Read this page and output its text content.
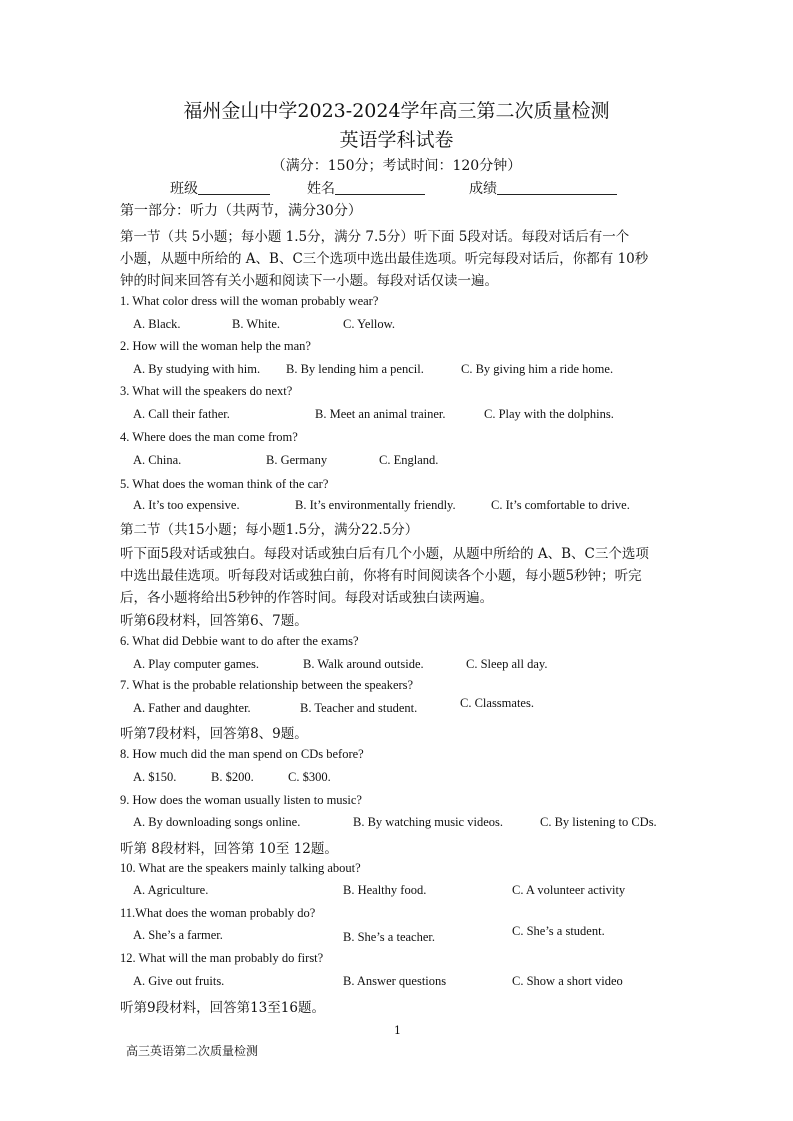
福州金山中学2023-2024学年高三第二次质量检测
英语学科试卷
（满分：150分；考试时间：120分钟）
班级	姓名	成绩
第一部分：听力（共两节，满分30分）
第一节（共 5小题；每小题 1.5分，满分 7.5分）听下面 5段对话。每段对话后有一个
小题，从题中所给的 A、B、C三个选项中选出最佳选项。听完每段对话后，你都有 10秒
钟的时间来回答有关小题和阅读下一小题。每段对话仅读一遍。
1. What color dress will the woman probably wear?
A. Black.	B. White.	C. Yellow.
2. How will the woman help the man?
A. By studying with him. B. By lending him a pencil.	C. By giving him a ride home.
3. What will the speakers do next?
A. Call their father.	B. Meet an animal trainer.	C. Play with the dolphins.
4. Where does the man come from?
A. China.	B. Germany	C. England.
5. What does the woman think of the car?
A. It’s too expensive.	B. It’s environmentally friendly.	C. It’s comfortable to drive.
第二节（共15小题；每小题1.5分，满分22.5分）
听下面5段对话或独白。每段对话或独白后有几个小题，从题中所给的 A、B、C三个选项
中选出最佳选项。听每段对话或独白前，你将有时间阅读各个小题，每小题5秒钟；听完
后，各小题将给出5秒钟的作答时间。每段对话或独白读两遍。
听第6段材料，回答第6、7题。
6. What did Debbie want to do after the exams?
A. Play computer games.	B. Walk around outside.	C. Sleep all day.
7. What is the probable relationship between the speakers?
A. Father and daughter.	B. Teacher and student.	C. Classmates.
听第7段材料，回答第8、9题。
8. How much did the man spend on CDs before?
A. $150.	B. $200.	C. $300.
9. How does the woman usually listen to music?
A. By downloading songs online.	B. By watching music videos.	C. By listening to CDs.
听第 8段材料，回答第 10至 12题。
10. What are the speakers mainly talking about?
A. Agriculture.	B. Healthy food.	C. A volunteer activity
11.What does the woman probably do?
A. She’s a farmer.	B. She’s a teacher.	C. She’s a student.
12. What will the man probably do first?
A. Give out fruits.	B. Answer questions	C. Show a short video
听第9段材料，回答第13至16题。
1
高三英语第二次质量检测
